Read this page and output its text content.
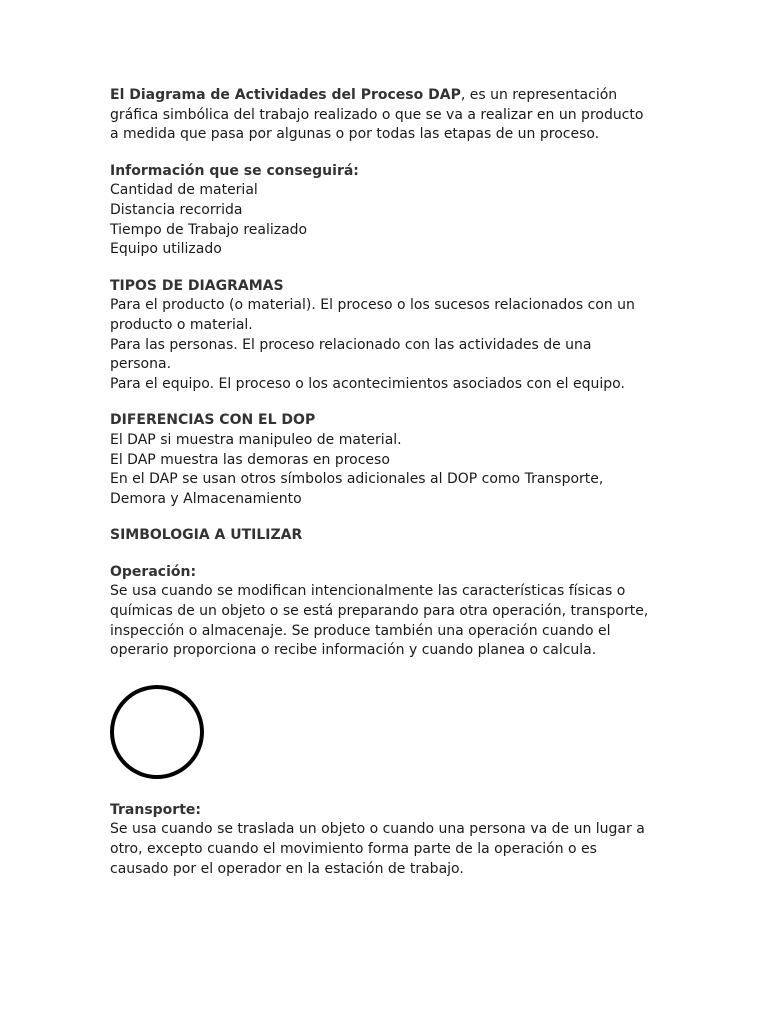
El Diagrama de Actividades del Proceso DAP, es un representación gráfica simbólica del trabajo realizado o que se va a realizar en un producto a medida que pasa por algunas o por todas las etapas de un proceso.

Información que se conseguirá:

Cantidad de material

Distancia recorrida

Tiempo de Trabajo realizado

Equipo utilizado

TIPOS DE DIAGRAMAS

Para el producto (o material). El proceso o los sucesos relacionados con un producto o material.

Para las personas. El proceso relacionado con las actividades de una persona.

Para el equipo. El proceso o los acontecimientos asociados con el equipo.

DIFERENCIAS CON EL DOP

El DAP si muestra manipuleo de material.

El DAP muestra las demoras en proceso

En el DAP se usan otros símbolos adicionales al DOP como Transporte, Demora y Almacenamiento

SIMBOLOGIA A UTILIZAR

Operación:

Se usa cuando se modifican intencionalmente las características físicas o químicas de un objeto o se está preparando para otra operación, transporte, inspección o almacenaje. Se produce también una operación cuando el operario proporciona o recibe información y cuando planea o calcula.

Transporte:

Se usa cuando se traslada un objeto o cuando una persona va de un lugar a otro, excepto cuando el movimiento forma parte de la operación o es causado por el operador en la estación de trabajo.
